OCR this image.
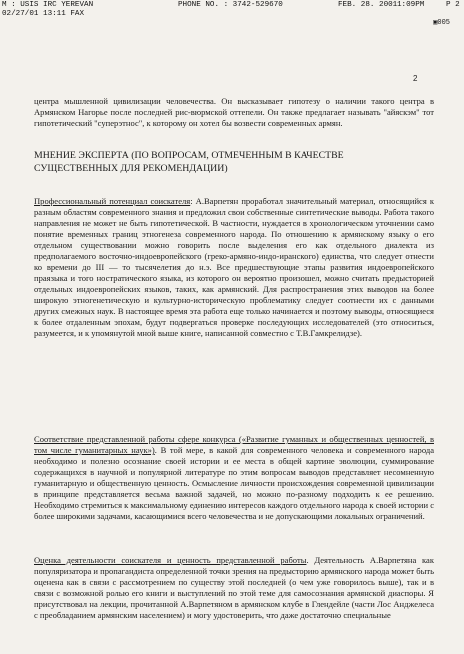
M : USIS IRC YEREVAN	PHONE NO. : 3742-529670	FEB. 28. 2001 1:09PM	P 2
02/27/01 13:11 FAX
▣005
2

центра мышленной цивилизации человечества. Он высказывает гипотезу о наличии такого центра в Армянском Нагорье после последней рис-вюрмской оттепели. Он также предлагает называть "айяскэм" тот гипотетический "суперэтнос", к которому он хотел бы возвести современных армян.

МНЕНИЕ ЭКСПЕРТА (ПО ВОПРОСАМ, ОТМЕЧЕННЫМ В КАЧЕСТВЕ СУЩЕСТВЕННЫХ ДЛЯ РЕКОМЕНДАЦИИ)

Профессиональный потенциал соискателя: А.Варпетян проработал значительный материал, относящийся к разным областям современного знания и предложил свои собственные синтетические выводы. Работа такого направления не может не быть гипотетической. В частности, нуждается в хронологическом уточнении само понятие временных границ этногенеза современного народа. По отношению к армянскому языку о его отдельном существовании можно говорить после выделения его как отдельного диалекта из предполагаемого восточно-индоевропейского (греко-армяно-индо-иранского) единства, что следует отнести ко времени до III — то тысячелетия до н.э. Все предшествующие этапы развития индоевропейского праязыка и того ностратического языка, из которого он вероятно произошел, можно считать предысторией отдельных индоевропейских языков, таких, как армянский. Для распространения этих выводов на более широкую этногенетическую и культурно-историческую проблематику следует соотнести их с данными других смежных наук. В настоящее время эта работа еще только начинается и поэтому выводы, относящиеся к более отдаленным эпохам, будут подвергаться проверке последующих исследователей (это относиться, разумеется, и к упомянутой мной выше книге, написанной совместно с Т.В.Гамкрелидзе).

Соответствие представленной работы сфере конкурса («Развитие гуманных и общественных ценностей, в том числе гуманитарных наук»). В той мере, в какой для современного человека и современного народа необходимо и полезно осознание своей истории и ее места в общей картине эволюции, суммирование содержащихся в научной и популярной литературе по этим вопросам выводов представляет несомненную гуманитарную и общественную ценность. Осмысление личности происхождения современной цивилизации в принципе представляется весьма важной задачей, но можно по-разному подходить к ее решению. Необходимо стремиться к максимальному единению интересов каждого отдельного народа к своей истории с более широкими задачами, касающимися всего человечества и не допускающими локальных ограничений.

Оценка деятельности соискателя и ценность представленной работы. Деятельность А.Варпетяна как популяризатора и пропагандиста определенной точки зрения на предысторию армянского народа может быть оценена как в связи с рассмотрением по существу этой последней (о чем уже говорилось выше), так и в связи с возможной ролью его книги и выступлений по этой теме для самосознания армянской диаспоры. Я присутствовал на лекции, прочитанной А.Варпетяном в армянском клубе в Глендейле (части Лос Анджелеса с преобладанием армянским населением) и могу удостоверить, что даже достаточно специальные
